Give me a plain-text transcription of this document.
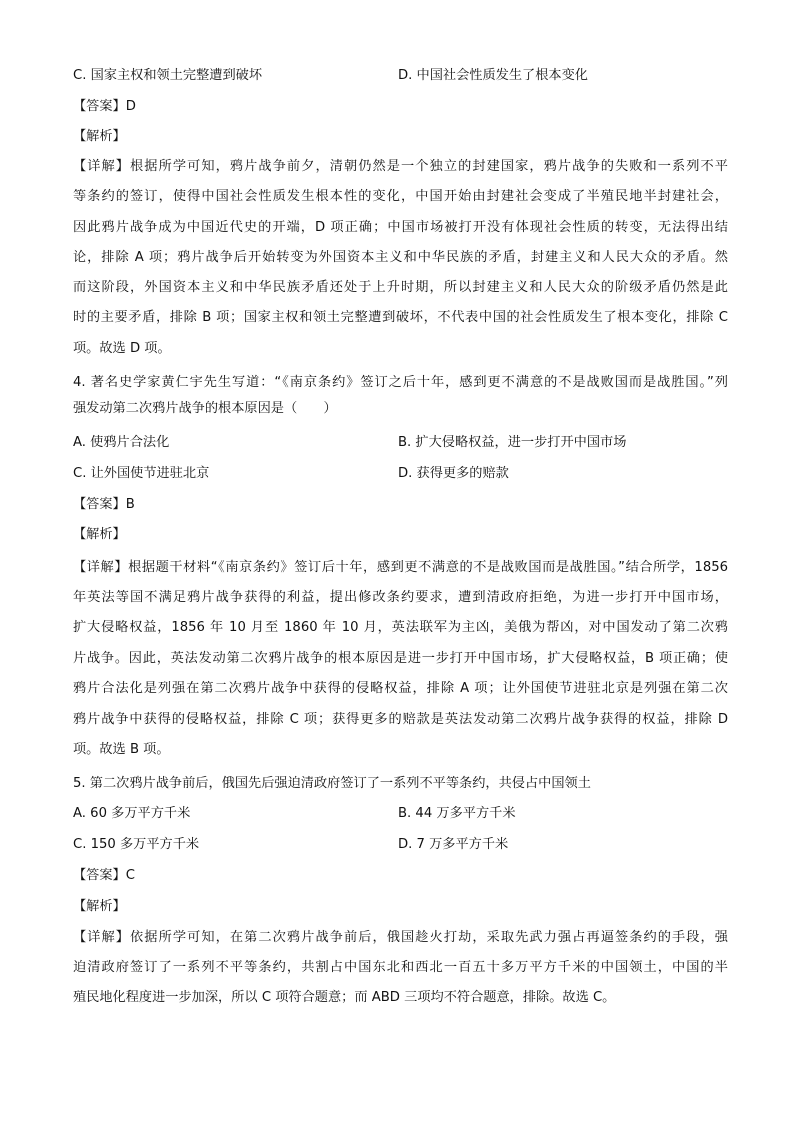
C. 国家主权和领土完整遭到破坏	D. 中国社会性质发生了根本变化
【答案】D
【解析】
【详解】根据所学可知，鸦片战争前夕，清朝仍然是一个独立的封建国家，鸦片战争的失败和一系列不平
等条约的签订，使得中国社会性质发生根本性的变化，中国开始由封建社会变成了半殖民地半封建社会，
因此鸦片战争成为中国近代史的开端，D 项正确；中国市场被打开没有体现社会性质的转变，无法得出结
论，排除 A 项；鸦片战争后开始转变为外国资本主义和中华民族的矛盾，封建主义和人民大众的矛盾。然
而这阶段，外国资本主义和中华民族矛盾还处于上升时期，所以封建主义和人民大众的阶级矛盾仍然是此
时的主要矛盾，排除 B 项；国家主权和领土完整遭到破坏，不代表中国的社会性质发生了根本变化，排除 C
项。故选 D 项。
4. 著名史学家黄仁宇先生写道：“《南京条约》签订之后十年，感到更不满意的不是战败国而是战胜国。”列
强发动第二次鸦片战争的根本原因是（　　）
A. 使鸦片合法化	B. 扩大侵略权益，进一步打开中国市场
C. 让外国使节进驻北京	D. 获得更多的赔款
【答案】B
【解析】
【详解】根据题干材料“《南京条约》签订后十年，感到更不满意的不是战败国而是战胜国。”结合所学，1856
年英法等国不满足鸦片战争获得的利益，提出修改条约要求，遭到清政府拒绝，为进一步打开中国市场，
扩大侵略权益，1856 年 10 月至 1860 年 10 月，英法联军为主凶，美俄为帮凶，对中国发动了第二次鸦
片战争。因此，英法发动第二次鸦片战争的根本原因是进一步打开中国市场，扩大侵略权益，B 项正确；使
鸦片合法化是列强在第二次鸦片战争中获得的侵略权益，排除 A 项；让外国使节进驻北京是列强在第二次
鸦片战争中获得的侵略权益，排除 C 项；获得更多的赔款是英法发动第二次鸦片战争获得的权益，排除 D
项。故选 B 项。
5. 第二次鸦片战争前后，俄国先后强迫清政府签订了一系列不平等条约，共侵占中国领土
A. 60 多万平方千米	B. 44 万多平方千米
C. 150 多万平方千米	D. 7 万多平方千米
【答案】C
【解析】
【详解】依据所学可知，在第二次鸦片战争前后，俄国趁火打劫，采取先武力强占再逼签条约的手段，强
迫清政府签订了一系列不平等条约，共割占中国东北和西北一百五十多万平方千米的中国领土，中国的半
殖民地化程度进一步加深，所以 C 项符合题意；而 ABD 三项均不符合题意，排除。故选 C。
